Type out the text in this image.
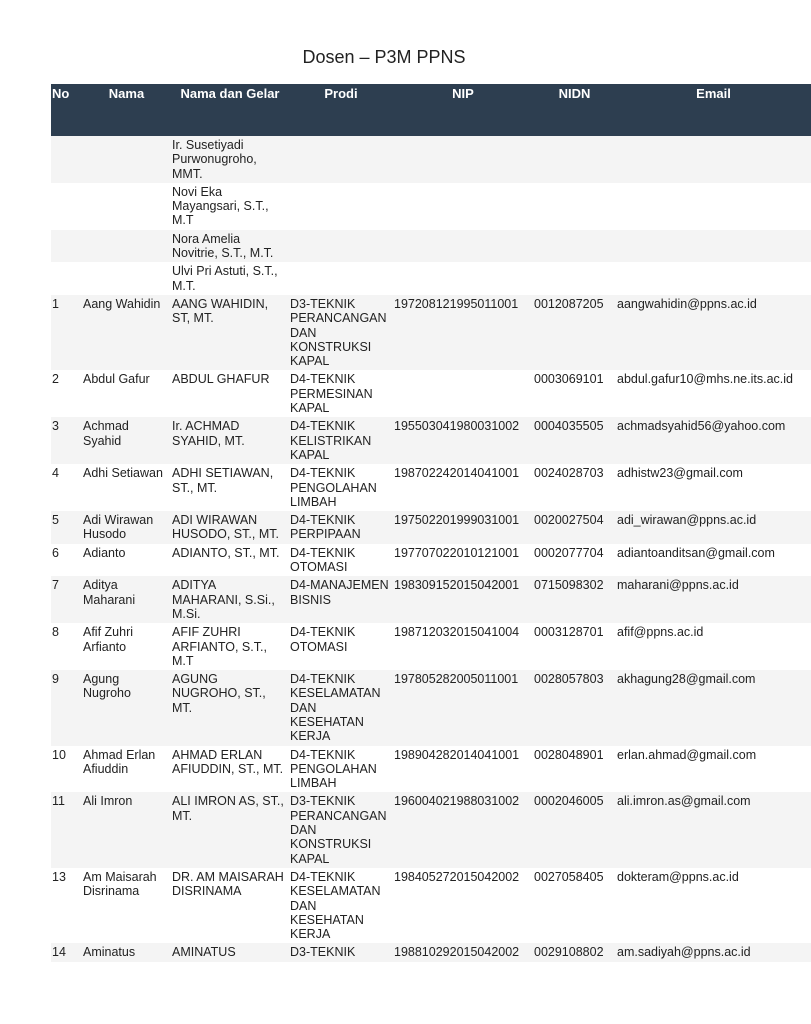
Dosen – P3M PPNS
No	Nama	Nama dan Gelar	Prodi	NIP	NIDN	Email
		Ir. Susetiyadi Purwonugroho, MMT.				
		Novi Eka Mayangsari, S.T., M.T				
		Nora Amelia Novitrie, S.T., M.T.				
		Ulvi Pri Astuti, S.T., M.T.				
1	Aang Wahidin	AANG WAHIDIN, ST, MT.	D3-TEKNIK PERANCANGAN DAN KONSTRUKSI KAPAL	197208121995011001	0012087205	aangwahidin@ppns.ac.id
2	Abdul Gafur	ABDUL GHAFUR	D4-TEKNIK PERMESINAN KAPAL		0003069101	abdul.gafur10@mhs.ne.its.ac.id
3	Achmad Syahid	Ir. ACHMAD SYAHID, MT.	D4-TEKNIK KELISTRIKAN KAPAL	195503041980031002	0004035505	achmadsyahid56@yahoo.com
4	Adhi Setiawan	ADHI SETIAWAN, ST., MT.	D4-TEKNIK PENGOLAHAN LIMBAH	198702242014041001	0024028703	adhistw23@gmail.com
5	Adi Wirawan Husodo	ADI WIRAWAN HUSODO, ST., MT.	D4-TEKNIK PERPIPAAN	197502201999031001	0020027504	adi_wirawan@ppns.ac.id
6	Adianto	ADIANTO, ST., MT.	D4-TEKNIK OTOMASI	197707022010121001	0002077704	adiantoanditsan@gmail.com
7	Aditya Maharani	ADITYA MAHARANI, S.Si., M.Si.	D4-MANAJEMEN BISNIS	198309152015042001	0715098302	maharani@ppns.ac.id
8	Afif Zuhri Arfianto	AFIF ZUHRI ARFIANTO, S.T., M.T	D4-TEKNIK OTOMASI	198712032015041004	0003128701	afif@ppns.ac.id
9	Agung Nugroho	AGUNG NUGROHO, ST., MT.	D4-TEKNIK KESELAMATAN DAN KESEHATAN KERJA	197805282005011001	0028057803	akhagung28@gmail.com
10	Ahmad Erlan Afiuddin	AHMAD ERLAN AFIUDDIN, ST., MT.	D4-TEKNIK PENGOLAHAN LIMBAH	198904282014041001	0028048901	erlan.ahmad@gmail.com
11	Ali Imron	ALI IMRON AS, ST., MT.	D3-TEKNIK PERANCANGAN DAN KONSTRUKSI KAPAL	196004021988031002	0002046005	ali.imron.as@gmail.com
13	Am Maisarah Disrinama	DR. AM MAISARAH DISRINAMA	D4-TEKNIK KESELAMATAN DAN KESEHATAN KERJA	198405272015042002	0027058405	dokteram@ppns.ac.id
14	Aminatus	AMINATUS	D3-TEKNIK	198810292015042002	0029108802	am.sadiyah@ppns.ac.id
